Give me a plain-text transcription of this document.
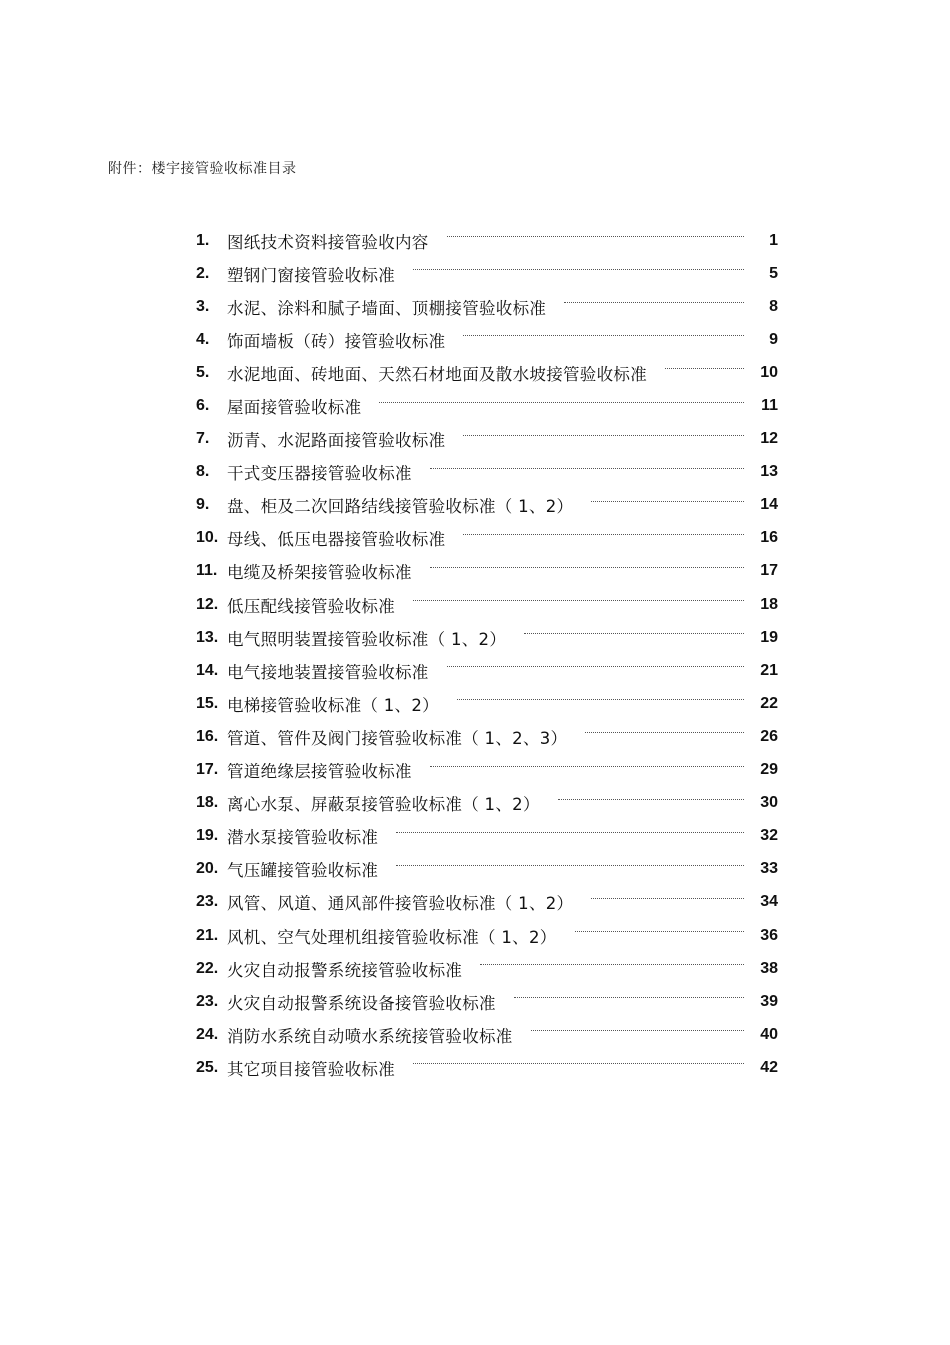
附件：楼宇接管验收标准目录
1.	图纸技术资料接管验收内容	1
2.	塑钢门窗接管验收标准	5
3.	水泥、涂料和腻子墙面、顶棚接管验收标准	8
4.	饰面墙板（砖）接管验收标准	9
5.	水泥地面、砖地面、天然石材地面及散水坡接管验收标准	10
6.	屋面接管验收标准	11
7.	沥青、水泥路面接管验收标准	12
8.	干式变压器接管验收标准	13
9.	盘、柜及二次回路结线接管验收标准（ 1、2）	14
10. 母线、低压电器接管验收标准	16
11. 电缆及桥架接管验收标准	17
12. 低压配线接管验收标准	18
13. 电气照明装置接管验收标准（ 1、2）	19
14. 电气接地装置接管验收标准	21
15. 电梯接管验收标准（ 1、2）	22
16. 管道、管件及阀门接管验收标准（ 1、2、3）	26
17. 管道绝缘层接管验收标准	29
18. 离心水泵、屏蔽泵接管验收标准（ 1、2）	30
19. 潜水泵接管验收标准	32
20. 气压罐接管验收标准	33
23. 风管、风道、通风部件接管验收标准（ 1、2）	34
21. 风机、空气处理机组接管验收标准（ 1、2）	36
22. 火灾自动报警系统接管验收标准	38
23. 火灾自动报警系统设备接管验收标准	39
24. 消防水系统自动喷水系统接管验收标准	40
25. 其它项目接管验收标准	42
